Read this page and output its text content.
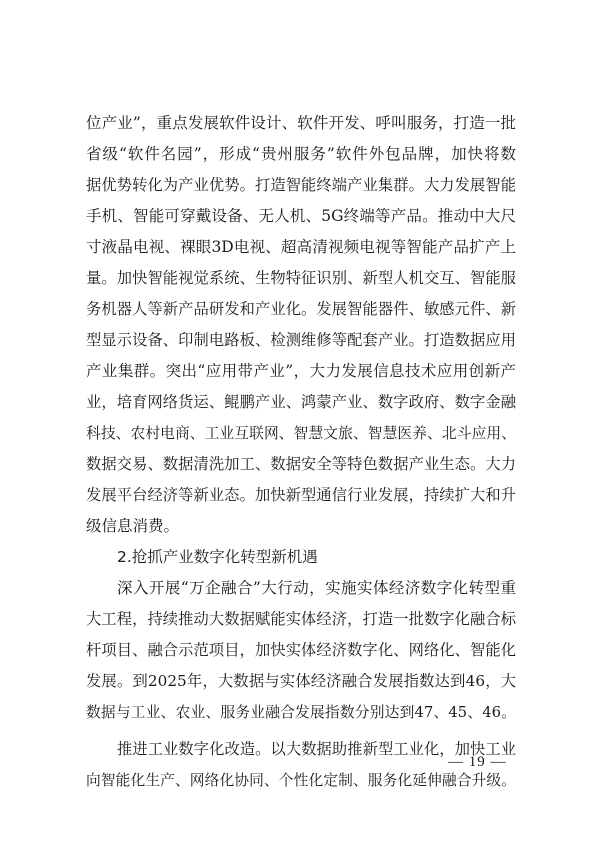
位产业”，重点发展软件设计、软件开发、呼叫服务，打造一批
省级“软件名园”，形成“贵州服务”软件外包品牌，加快将数
据优势转化为产业优势。打造智能终端产业集群。大力发展智能
手机、智能可穿戴设备、无人机、5G终端等产品。推动中大尺
寸液晶电视、裸眼3D电视、超高清视频电视等智能产品扩产上
量。加快智能视觉系统、生物特征识别、新型人机交互、智能服
务机器人等新产品研发和产业化。发展智能器件、敏感元件、新
型显示设备、印制电路板、检测维修等配套产业。打造数据应用
产业集群。突出“应用带产业”，大力发展信息技术应用创新产
业，培育网络货运、鲲鹏产业、鸿蒙产业、数字政府、数字金融
科技、农村电商、工业互联网、智慧文旅、智慧医养、北斗应用、
数据交易、数据清洗加工、数据安全等特色数据产业生态。大力
发展平台经济等新业态。加快新型通信行业发展，持续扩大和升
级信息消费。
2.抢抓产业数字化转型新机遇
深入开展“万企融合”大行动，实施实体经济数字化转型重
大工程，持续推动大数据赋能实体经济，打造一批数字化融合标
杆项目、融合示范项目，加快实体经济数字化、网络化、智能化
发展。到2025年，大数据与实体经济融合发展指数达到46，大
数据与工业、农业、服务业融合发展指数分别达到47、45、46。
推进工业数字化改造。以大数据助推新型工业化，加快工业
向智能化生产、网络化协同、个性化定制、服务化延伸融合升级。
— 19 —
